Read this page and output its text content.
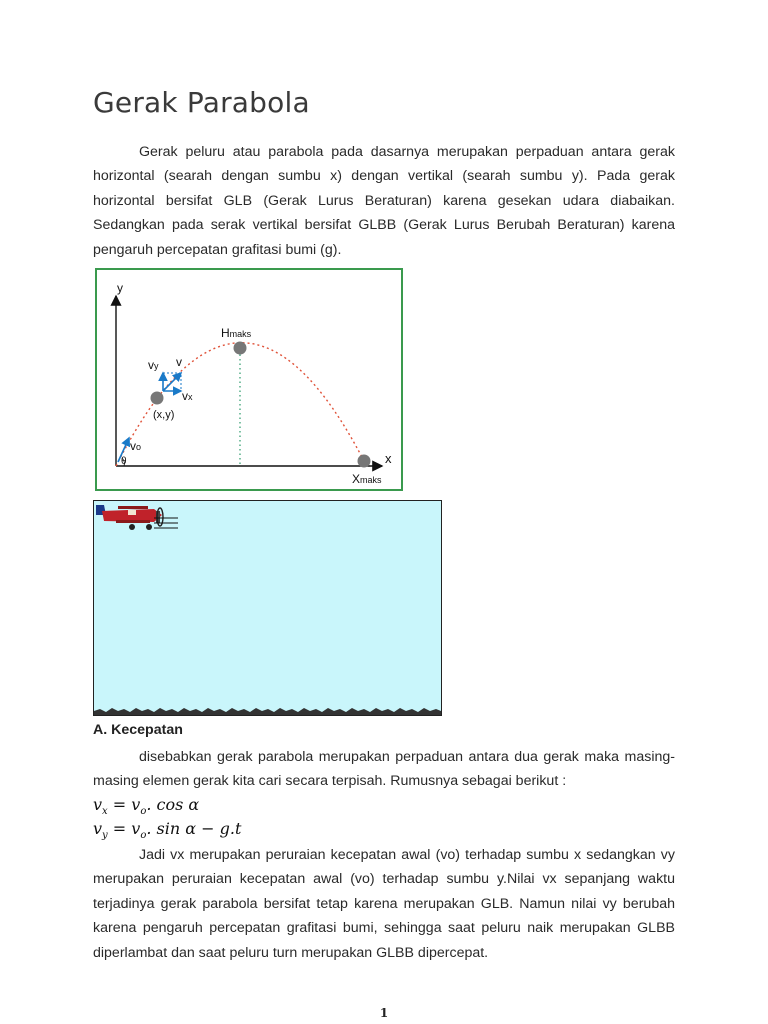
Gerak Parabola

Gerak peluru atau parabola pada dasarnya merupakan perpaduan antara gerak horizontal (searah dengan sumbu x) dengan vertikal (searah sumbu y). Pada gerak horizontal bersifat GLB (Gerak Lurus Beraturan) karena gesekan udara diabaikan. Sedangkan pada serak vertikal bersifat GLBB (Gerak Lurus Berubah Beraturan) karena pengaruh percepatan grafitasi bumi (g).

y
x
Hmaks
Xmaks
v
vy
vx
(x,y)
vo
θ
A. Kecepatan

disebabkan gerak parabola merupakan perpaduan antara dua gerak maka masing-masing elemen gerak kita cari secara terpisah. Rumusnya sebagai berikut :

$v_x = v_o$. cos α

$v_y = v_o$. sin α − g.t

Jadi vx merupakan peruraian kecepatan awal (vo) terhadap sumbu x sedangkan vy merupakan peruraian kecepatan awal (vo) terhadap sumbu y.Nilai vx sepanjang waktu terjadinya gerak parabola bersifat tetap karena merupakan GLB. Namun nilai vy berubah karena pengaruh percepatan grafitasi bumi, sehingga saat peluru naik merupakan GLBB diperlambat dan saat peluru turn merupakan GLBB dipercepat.

1
